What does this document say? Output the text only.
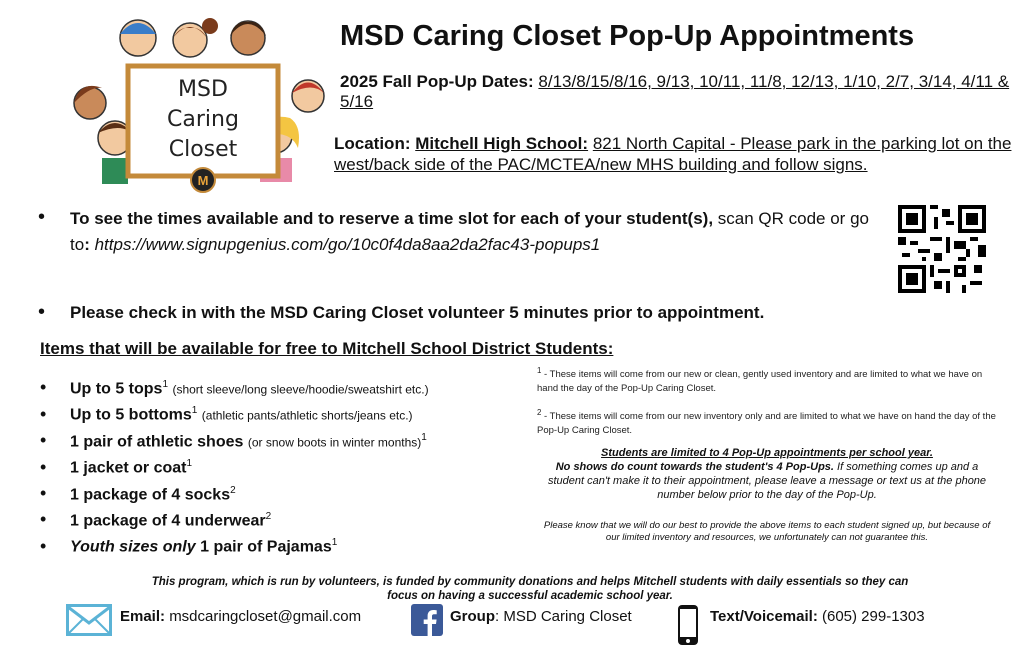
MSD
Caring
Closet
M
MSD Caring Closet Pop-Up Appointments
2025 Fall Pop-Up Dates: 8/13/8/15/8/16, 9/13, 10/11, 11/8, 12/13, 1/10, 2/7, 3/14, 4/11 & 5/16
Location: Mitchell High School: 821 North Capital - Please park in the parking lot on the west/back side of the PAC/MCTEA/new MHS building and follow signs.
• To see the times available and to reserve a time slot for each of your student(s), scan QR code or go to: https://www.signupgenius.com/go/10c0f4da8aa2da2fac43-popups1
• Please check in with the MSD Caring Closet volunteer 5 minutes prior to appointment.
Items that will be available for free to Mitchell School District Students:
• Up to 5 tops$^1$ (short sleeve/long sleeve/hoodie/sweatshirt etc.)
• Up to 5 bottoms$^1$ (athletic pants/athletic shorts/jeans etc.)
• 1 pair of athletic shoes (or snow boots in winter months)$^1$
• 1 jacket or coat$^1$
• 1 package of 4 socks$^2$
• 1 package of 4 underwear$^2$
• Youth sizes only 1 pair of Pajamas$^1$
$^1$ - These items will come from our new or clean, gently used inventory and are limited to what we have on hand the day of the Pop-Up Caring Closet.
$^2$ - These items will come from our new inventory only and are limited to what we have on hand the day of the Pop-Up Caring Closet.
Students are limited to 4 Pop-Up appointments per school year.
No shows do count towards the student's 4 Pop-Ups. If something comes up and a student can't make it to their appointment, please leave a message or text us at the phone number below prior to the day of the Pop-Up.
Please know that we will do our best to provide the above items to each student signed up, but because of our limited inventory and resources, we unfortunately can not guarantee this.
This program, which is run by volunteers, is funded by community donations and helps Mitchell students with daily essentials so they can focus on having a successful academic school year.
Email: msdcaringcloset@gmail.com	Group: MSD Caring Closet	Text/Voicemail: (605) 299-1303
